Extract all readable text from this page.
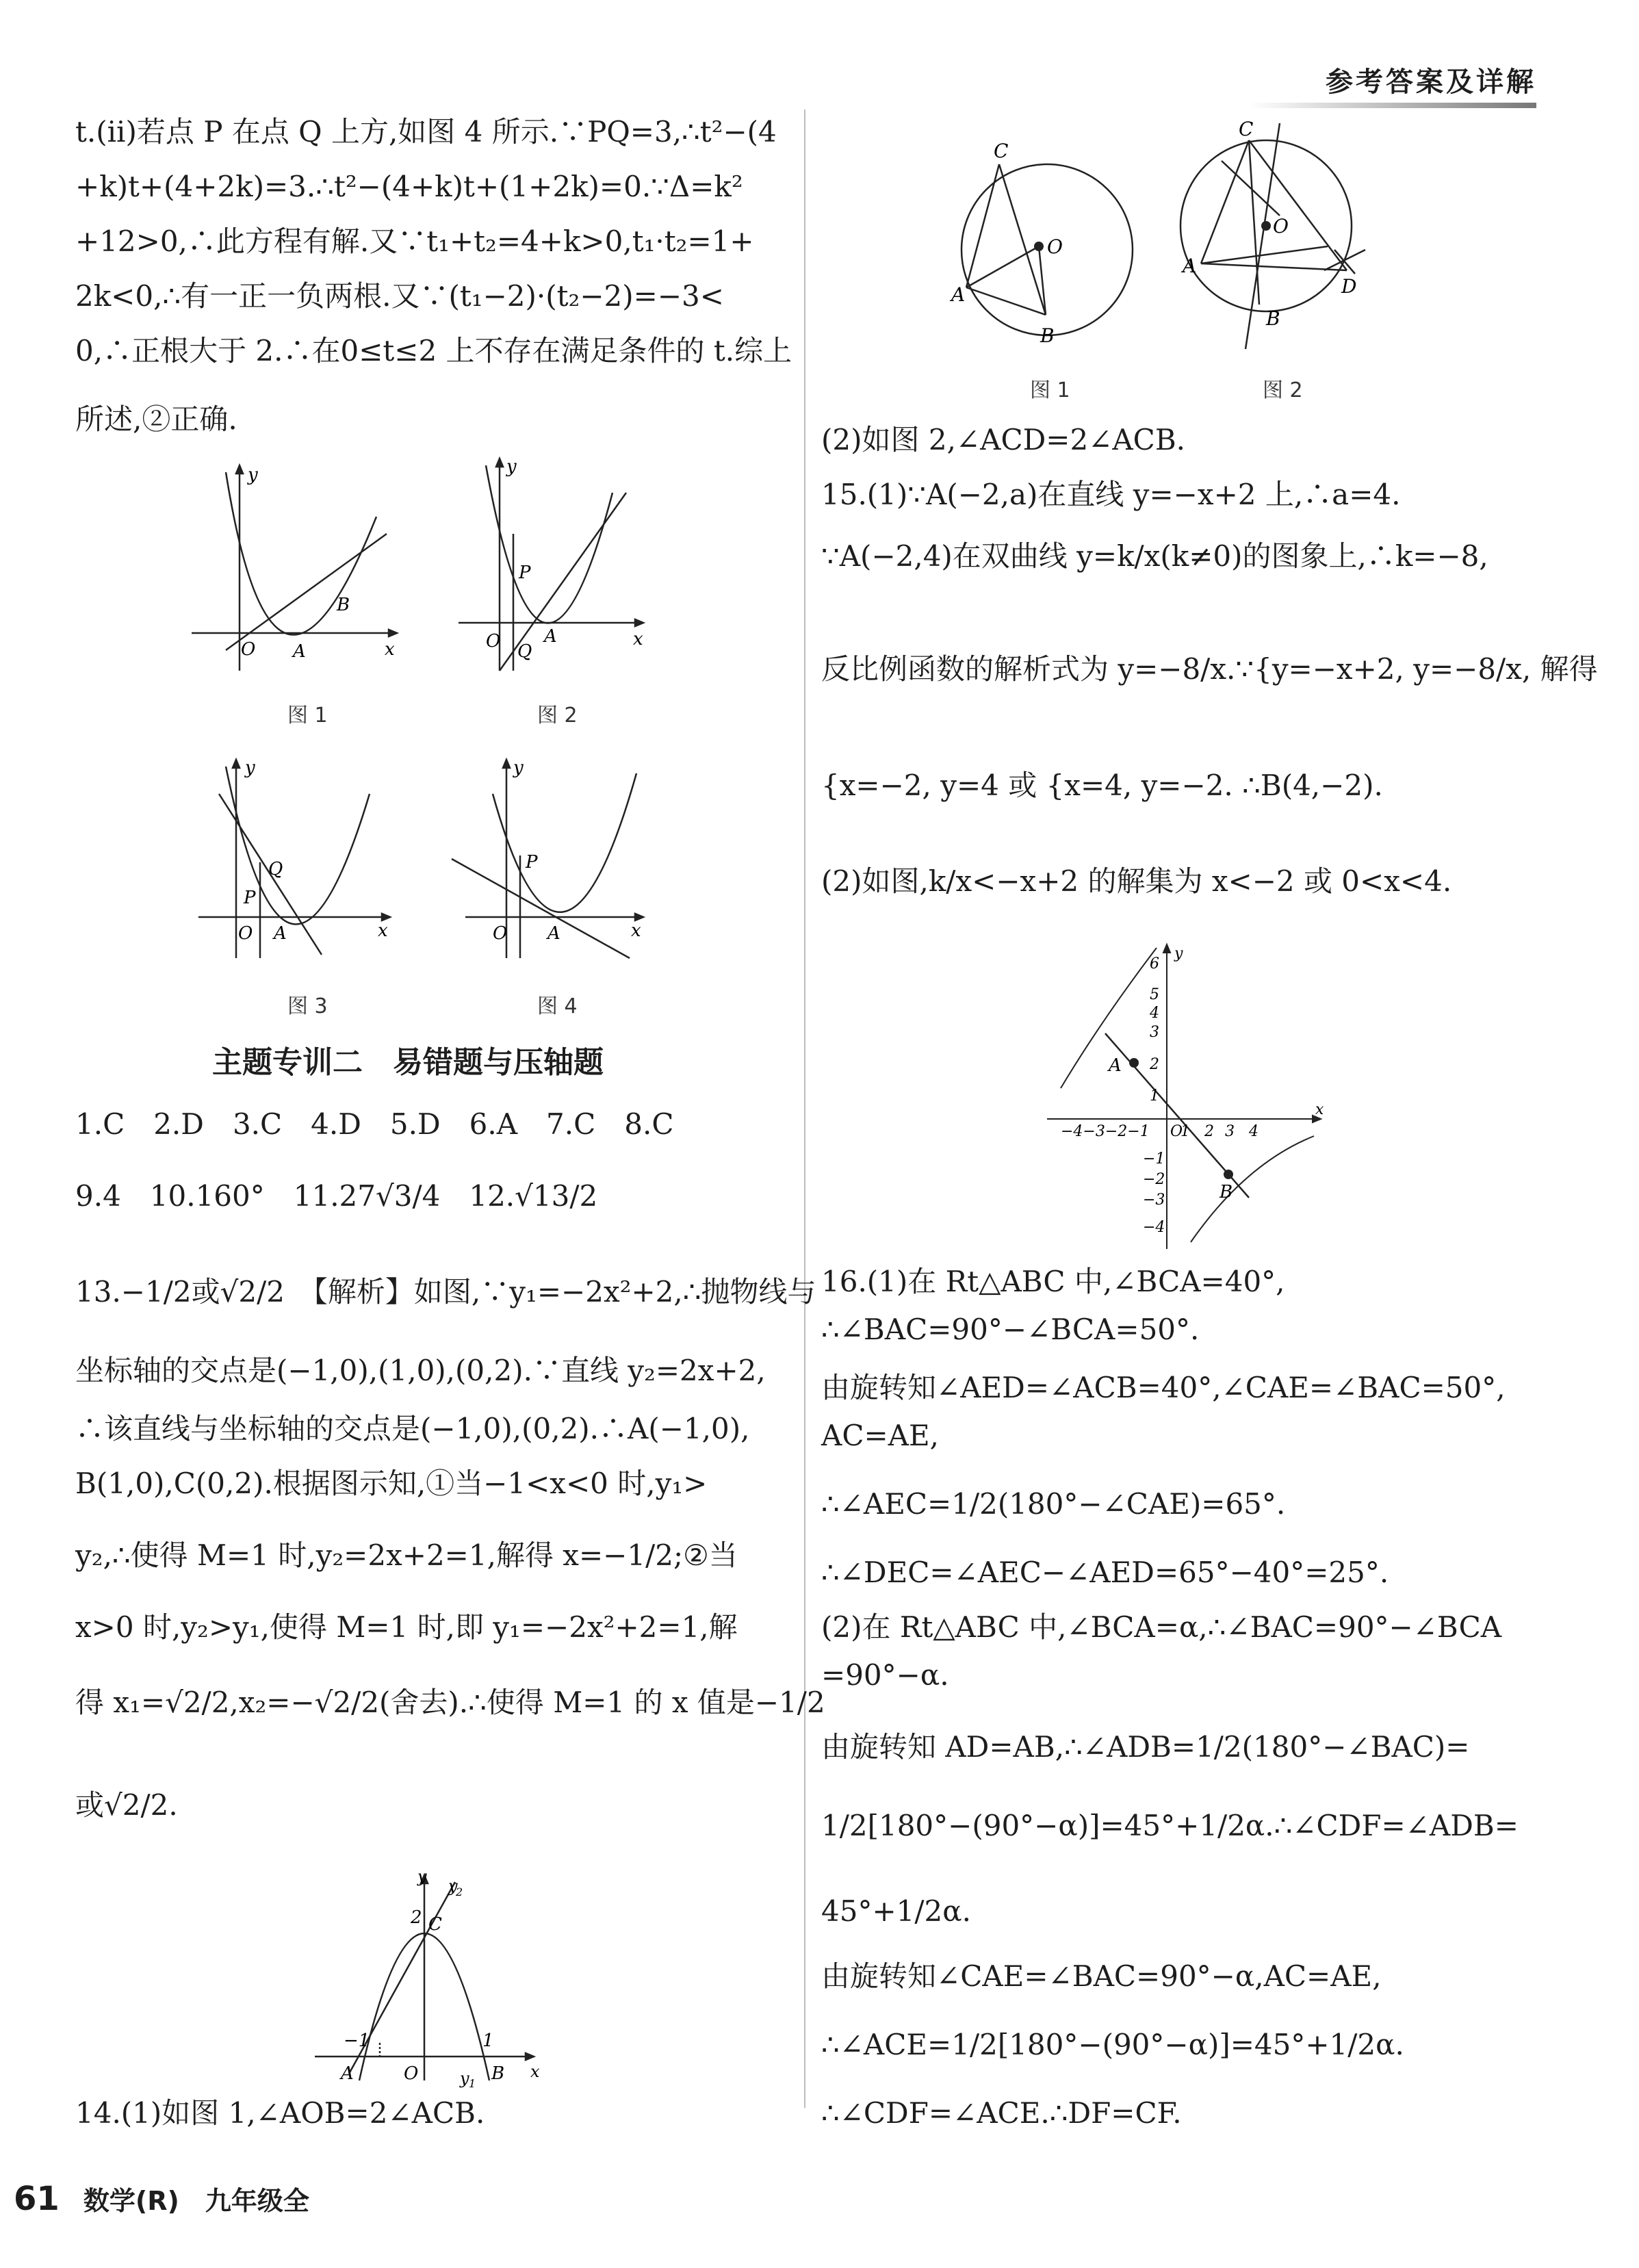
参考答案及详解
t.(ii)若点 P 在点 Q 上方,如图 4 所示.∵PQ=3,∴t²−(4
+k)t+(4+2k)=3.∴t²−(4+k)t+(1+2k)=0.∵Δ=k²
+12>0,∴此方程有解.又∵t₁+t₂=4+k>0,t₁·t₂=1+
2k<0,∴有一正一负两根.又∵(t₁−2)·(t₂−2)=−3<
0,∴正根大于 2.∴在0≤t≤2 上不存在满足条件的 t.综上
所述,②正确.
y
O A
B
x
图 1
y
P
O A
Q
x
图 2
y
Q
P
O A	x
图 3
y
P
O A	x
图 4
主题专训二　易错题与压轴题
1.C　2.D　3.C　4.D　5.D　6.A　7.C　8.C
9.4　10.160°　11.27√3/4　12.√13/2
13.−1/2或√2/2　【解析】如图,∵y₁=−2x²+2,∴抛物线与
坐标轴的交点是(−1,0),(1,0),(0,2).∵直线 y₂=2x+2,
∴该直线与坐标轴的交点是(−1,0),(0,2).∴A(−1,0),
B(1,0),C(0,2).根据图示知,①当−1<x<0 时,y₁>
y₂,∴使得 M=1 时,y₂=2x+2=1,解得 x=−1/2;②当
x>0 时,y₂>y₁,使得 M=1 时,即 y₁=−2x²+2=1,解
得 x₁=√2/2,x₂=−√2/2(舍去).∴使得 M=1 的 x 值是−1/2
或√2/2.
y y
2
2 C
−1	1
A	O	B
y 1
x
14.(1)如图 1,∠AOB=2∠ACB.
C
O
A
B
图 1
C
O
A
D
B
图 2
(2)如图 2,∠ACD=2∠ACB.
15.(1)∵A(−2,a)在直线 y=−x+2 上,∴a=4.
∵A(−2,4)在双曲线 y=k/x(k≠0)的图象上,∴k=−8,
反比例函数的解析式为 y=−8/x.∵{y=−x+2, y=−8/x, 解得
{x=−2, y=4 或 {x=4, y=−2. ∴B(4,−2).
(2)如图,k/x<−x+2 的解集为 x<−2 或 0<x<4.
y
x
A
B
6
5
4
3
2
1
−4−3−2−1 O
1 2 3 4
−1
−2
−3
−4
16.(1)在 Rt△ABC 中,∠BCA=40°,
∴∠BAC=90°−∠BCA=50°.
由旋转知∠AED=∠ACB=40°,∠CAE=∠BAC=50°,
AC=AE,
∴∠AEC=1/2(180°−∠CAE)=65°.
∴∠DEC=∠AEC−∠AED=65°−40°=25°.
(2)在 Rt△ABC 中,∠BCA=α,∴∠BAC=90°−∠BCA
=90°−α.
由旋转知 AD=AB,∴∠ADB=1/2(180°−∠BAC)=
1/2[180°−(90°−α)]=45°+1/2α.∴∠CDF=∠ADB=
45°+1/2α.
由旋转知∠CAE=∠BAC=90°−α,AC=AE,
∴∠ACE=1/2[180°−(90°−α)]=45°+1/2α.
∴∠CDF=∠ACE.∴DF=CF.
61 数学(R)　九年级全
